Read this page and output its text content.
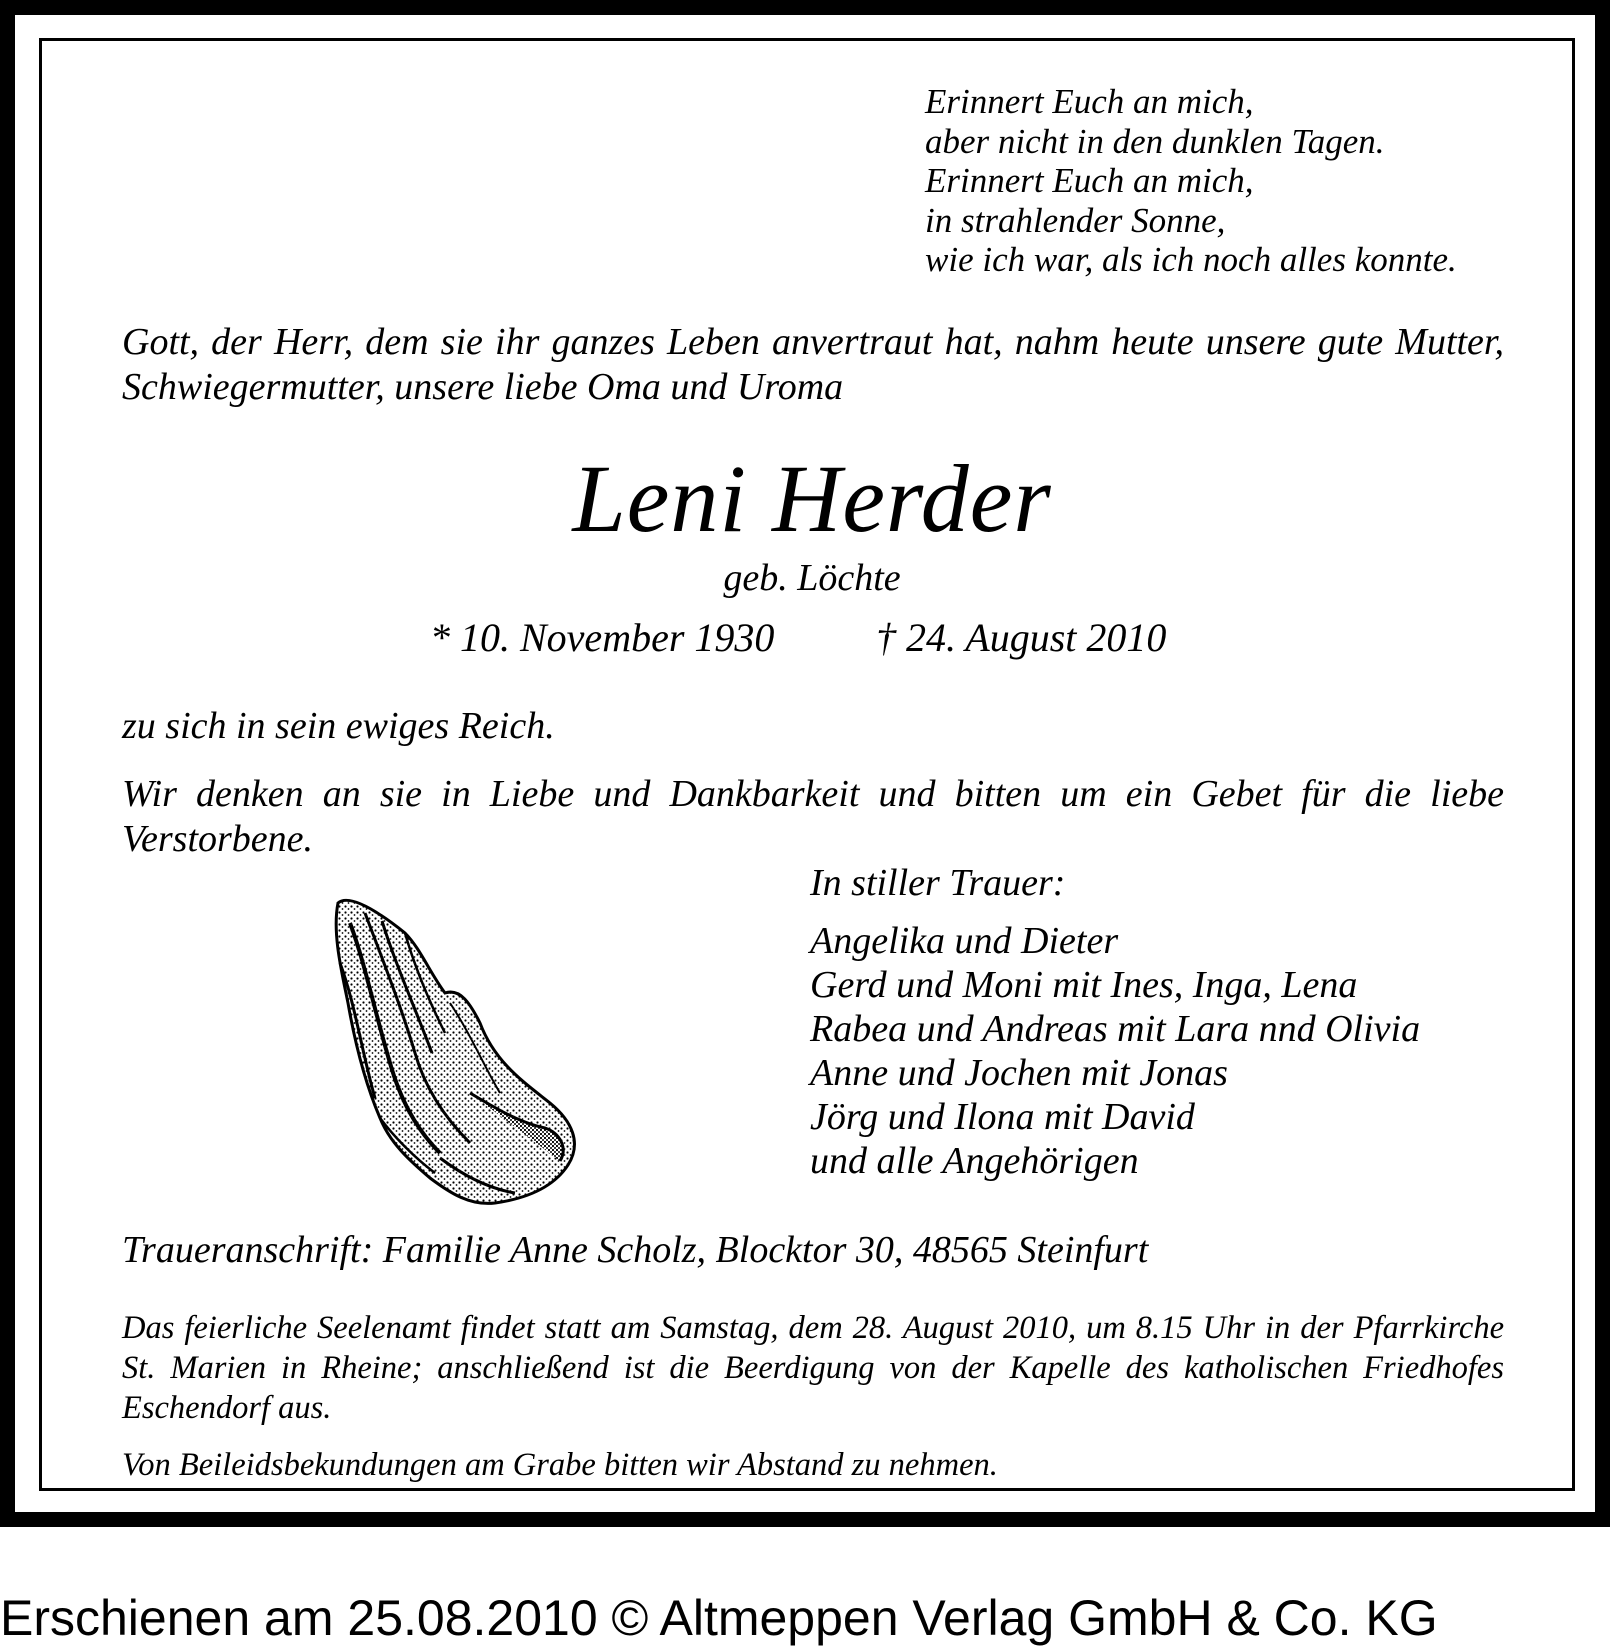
Erinnert Euch an mich,
aber nicht in den dunklen Tagen.
Erinnert Euch an mich,
in strahlender Sonne,
wie ich war, als ich noch alles konnte.
Gott, der Herr, dem sie ihr ganzes Leben anvertraut hat, nahm heute unsere gute Mutter, Schwiegermutter, unsere liebe Oma und Uroma
Leni Herder
geb. Löchte
* 10. November 1930	† 24. August 2010
zu sich in sein ewiges Reich.
Wir denken an sie in Liebe und Dankbarkeit und bitten um ein Gebet für die liebe Verstorbene.
In stiller Trauer:
Angelika und Dieter
Gerd und Moni mit Ines, Inga, Lena
Rabea und Andreas mit Lara nnd Olivia
Anne und Jochen mit Jonas
Jörg und Ilona mit David
und alle Angehörigen
Traueranschrift: Familie Anne Scholz, Blocktor 30, 48565 Steinfurt
Das feierliche Seelenamt findet statt am Samstag, dem 28. August 2010, um 8.15 Uhr in der Pfarrkirche St. Marien in Rheine; anschließend ist die Beerdigung von der Kapelle des katholischen Friedhofes Eschendorf aus.
Von Beileidsbekundungen am Grabe bitten wir Abstand zu nehmen.
Erschienen am 25.08.2010 © Altmeppen Verlag GmbH & Co. KG
